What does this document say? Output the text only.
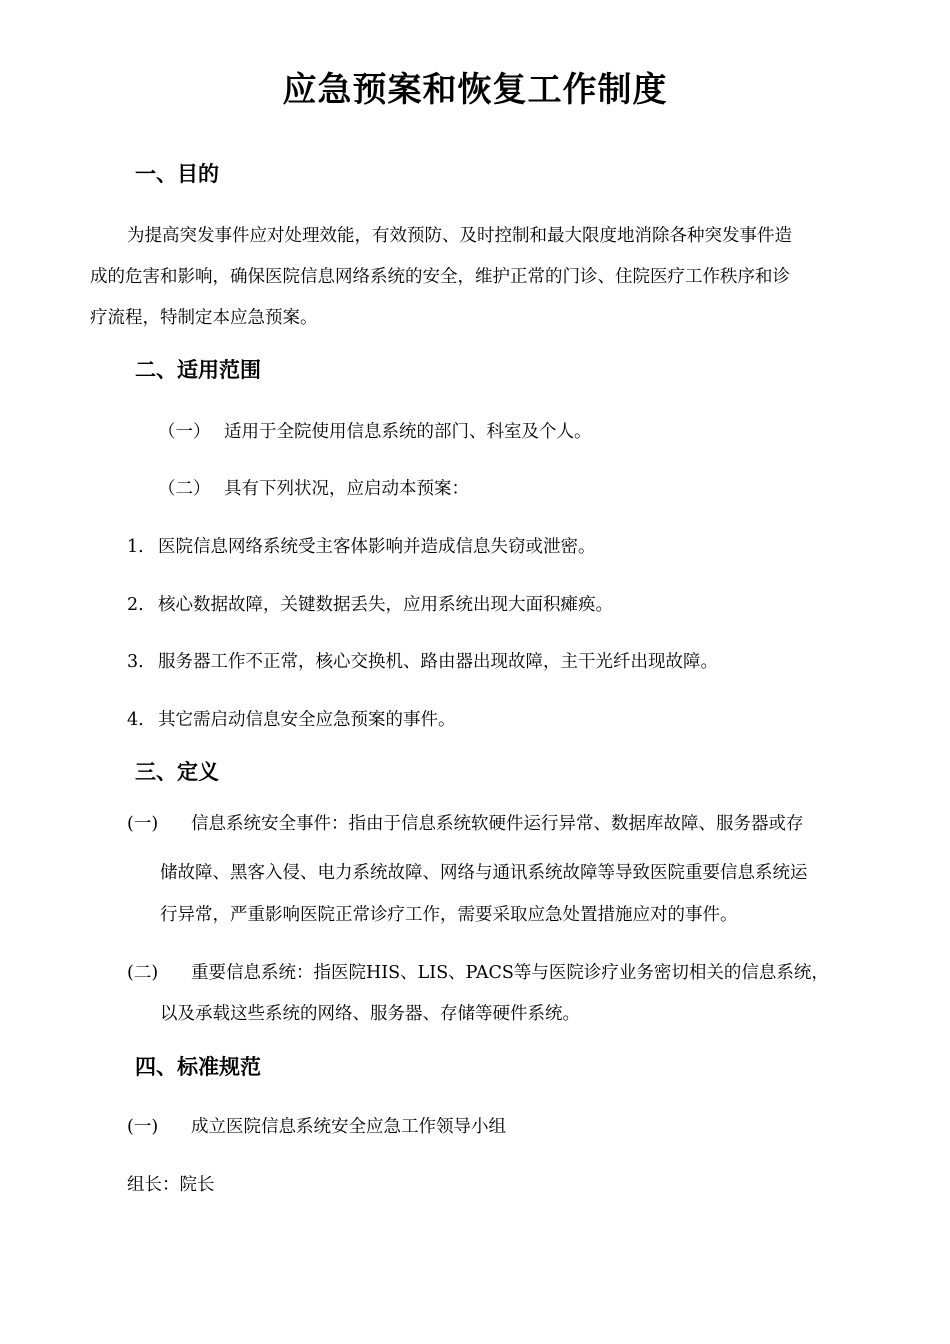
应急预案和恢复工作制度
一、目的
为提高突发事件应对处理效能，有效预防、及时控制和最大限度地消除各种突发事件造
成的危害和影响，确保医院信息网络系统的安全，维护正常的门诊、住院医疗工作秩序和诊
疗流程，特制定本应急预案。
二、适用范围
（一） 适用于全院使用信息系统的部门、科室及个人。
（二） 具有下列状况，应启动本预案：
1. 医院信息网络系统受主客体影响并造成信息失窃或泄密。
2. 核心数据故障，关键数据丢失，应用系统出现大面积瘫痪。
3. 服务器工作不正常，核心交换机、路由器出现故障，主干光纤出现故障。
4. 其它需启动信息安全应急预案的事件。
三、定义
(一) 信息系统安全事件：指由于信息系统软硬件运行异常、数据库故障、服务器或存
储故障、黑客入侵、电力系统故障、网络与通讯系统故障等导致医院重要信息系统运
行异常，严重影响医院正常诊疗工作，需要采取应急处置措施应对的事件。
(二) 重要信息系统：指医院HIS、LIS、PACS等与医院诊疗业务密切相关的信息系统，
以及承载这些系统的网络、服务器、存储等硬件系统。
四、标准规范
(一) 成立医院信息系统安全应急工作领导小组
组长：院长
